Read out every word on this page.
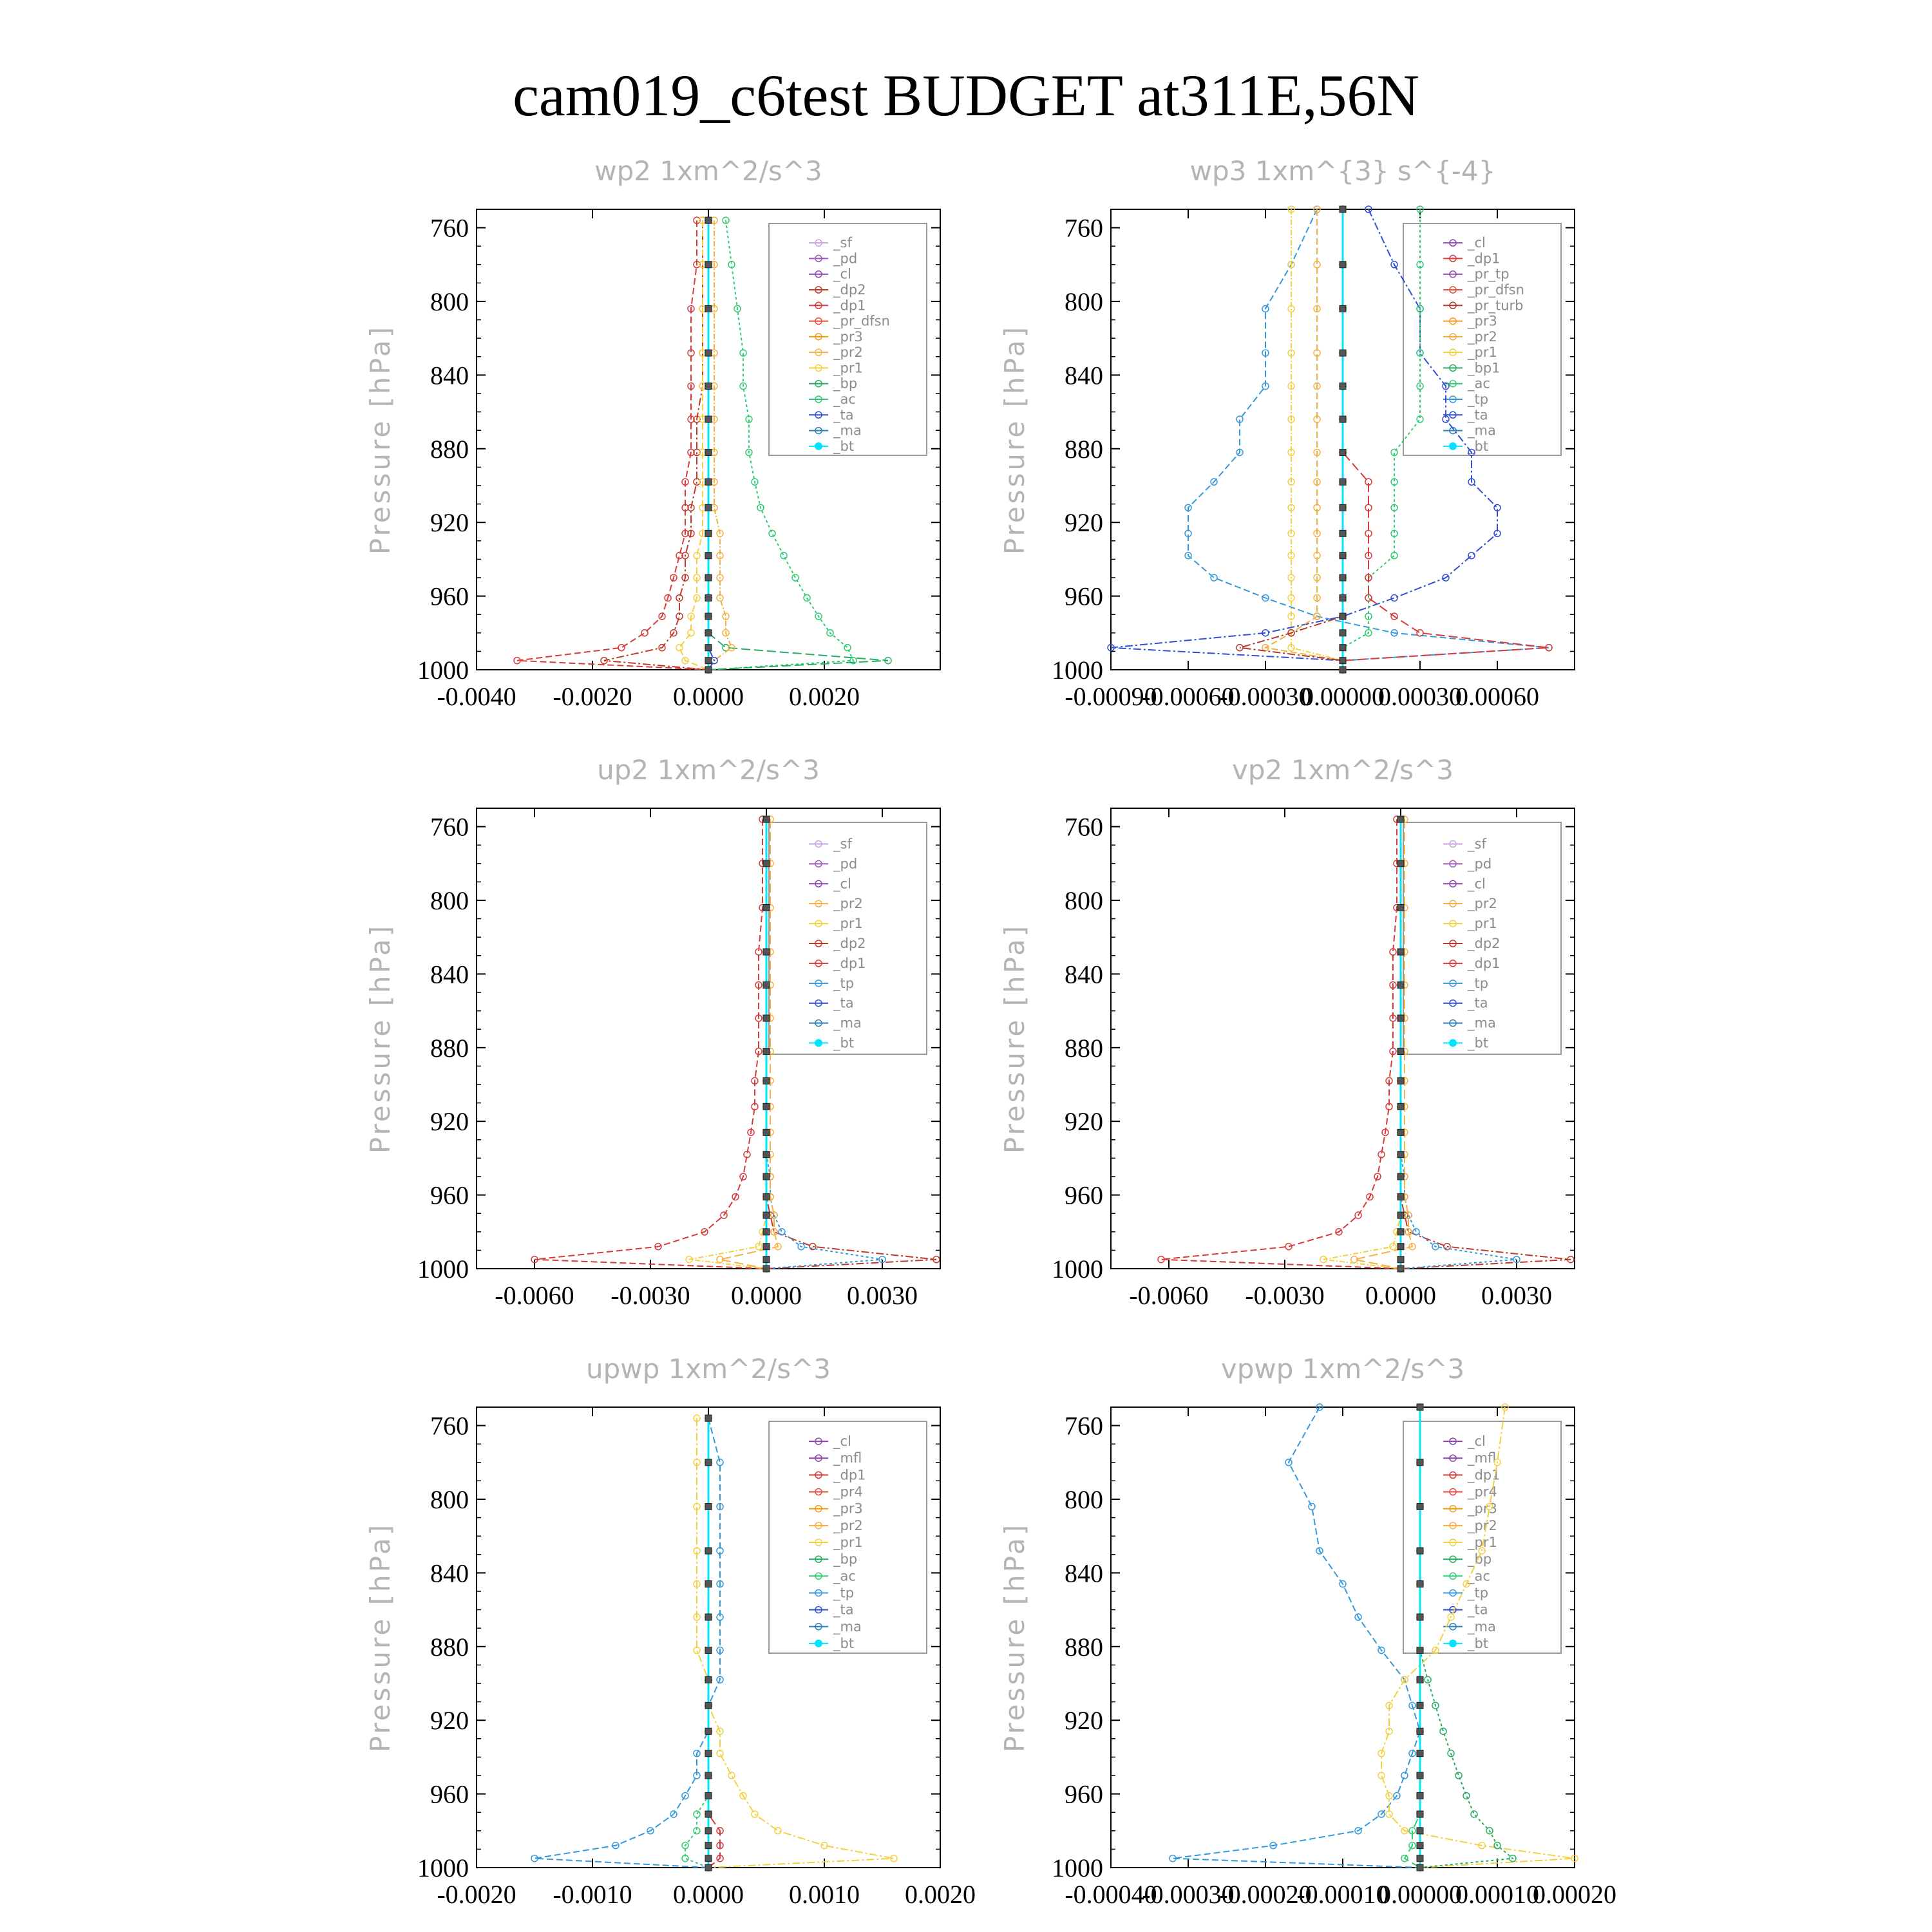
cam019_c6test BUDGET at311E,56N
wp2 1xm^2/s^3
Pressure [hPa]
760
800
840
880
920
960
1000
-0.0040 -0.0020 0.0000 0.0020
_sf
_pd
_cl
_dp2
_dp1
_pr_dfsn
_pr3
_pr2
_pr1
_bp
_ac
_ta
_ma
_bt
wp3 1xm^{3} s^{-4}
Pressure [hPa]
760
800
840
880
920
960
1000
-0.00090
-0.00060
-0.00030
0.00000
0.00030
0.00060
_cl
_dp1
_pr_tp
_pr_dfsn
_pr_turb
_pr3
_pr2
_pr1
_bp1
_ac
_tp
_ta
_ma
_bt
up2 1xm^2/s^3
Pressure [hPa]
760
800
840
880
920
960
1000
-0.0060 -0.0030 0.0000 0.0030
_sf
_pd
_cl
_pr2
_pr1
_dp2
_dp1
_tp
_ta
_ma
_bt
vp2 1xm^2/s^3
Pressure [hPa]
760
800
840
880
920
960
1000
-0.0060 -0.0030 0.0000 0.0030
_sf
_pd
_cl
_pr2
_pr1
_dp2
_dp1
_tp
_ta
_ma
_bt
upwp 1xm^2/s^3
Pressure [hPa]
760
800
840
880
920
960
1000
-0.0020 -0.0010 0.0000 0.0010 0.0020
_cl
_mfl
_dp1
_pr4
_pr3
_pr2
_pr1
_bp
_ac
_tp
_ta
_ma
_bt
vpwp 1xm^2/s^3
Pressure [hPa]
760
800
840
880
920
960
1000
-0.00040
-0.00030
-0.00020
-0.00010
0.00000
0.00010
0.00020
_cl
_mfl
_dp1
_pr4
_pr3
_pr2
_pr1
_bp
_ac
_tp
_ta
_ma
_bt
